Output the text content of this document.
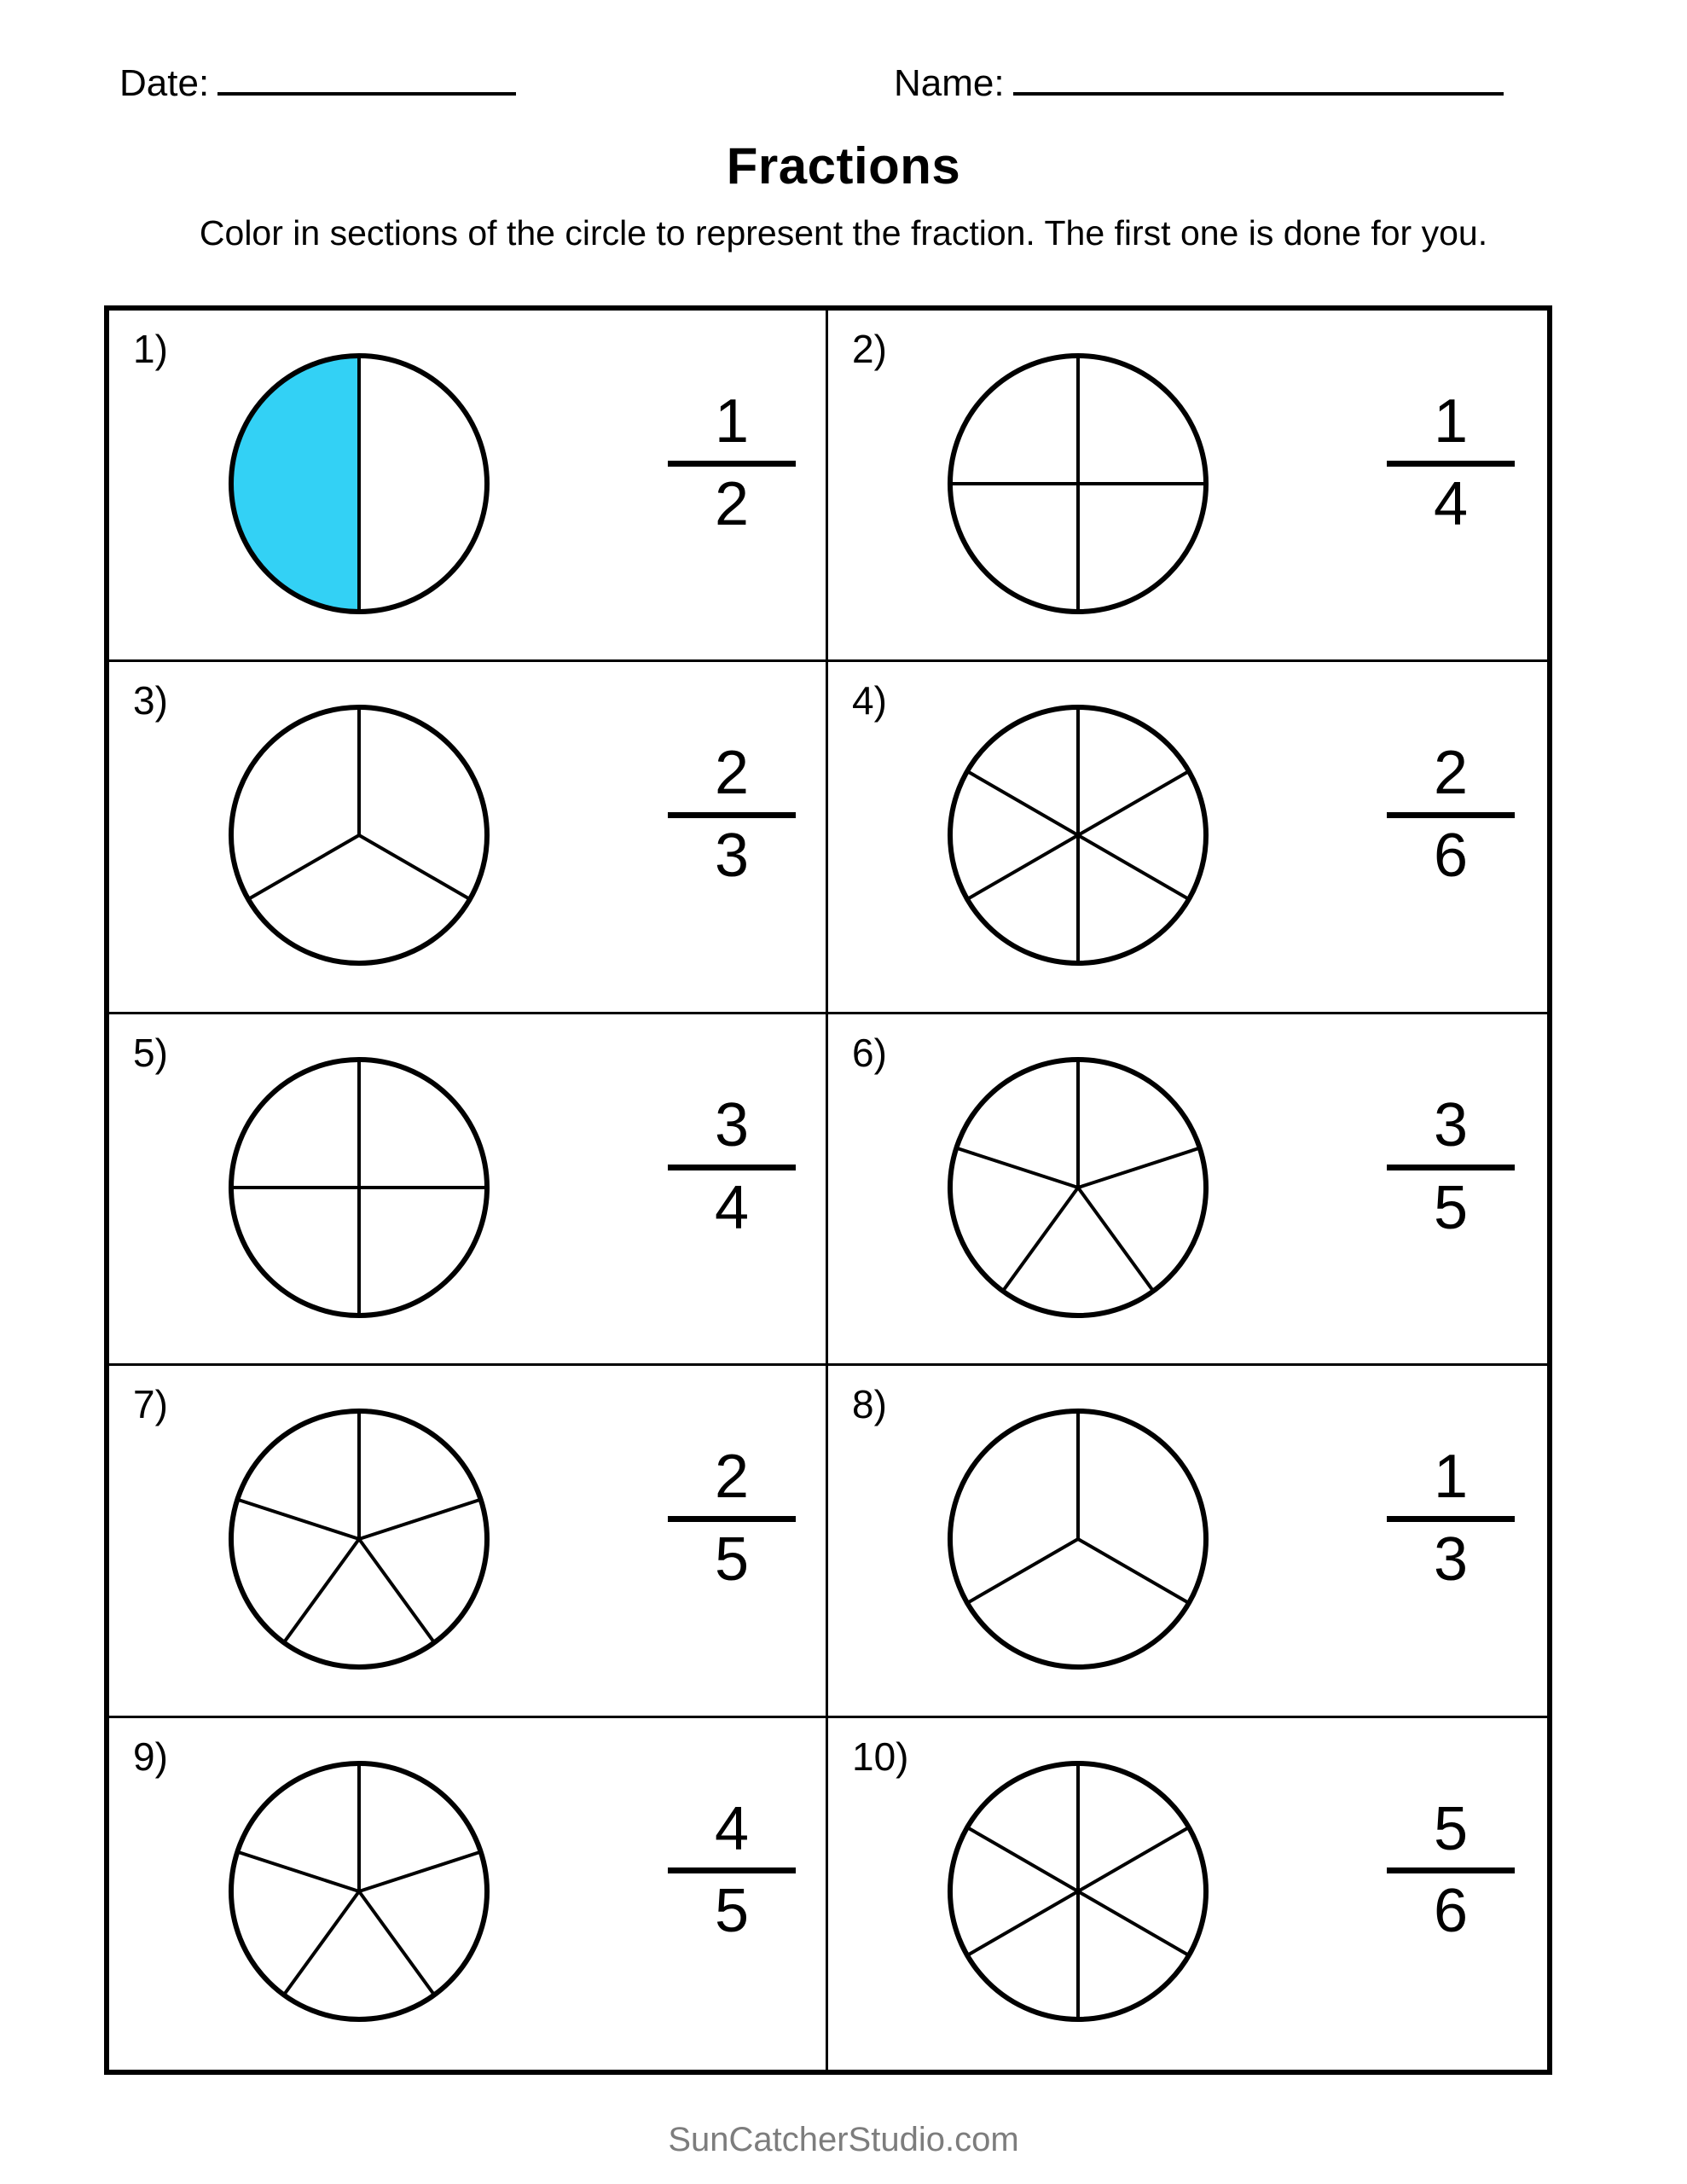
Date:	Name:
Fractions
Color in sections of the circle to represent the fraction. The first one is done for you.
1)
1
2
2)
1
4
3)
2
3
4)
2
6
5)
3
4
6)
3
5
7)
2
5
8)
1
3
9)
4
5
10)
5
6
SunCatcherStudio.com
